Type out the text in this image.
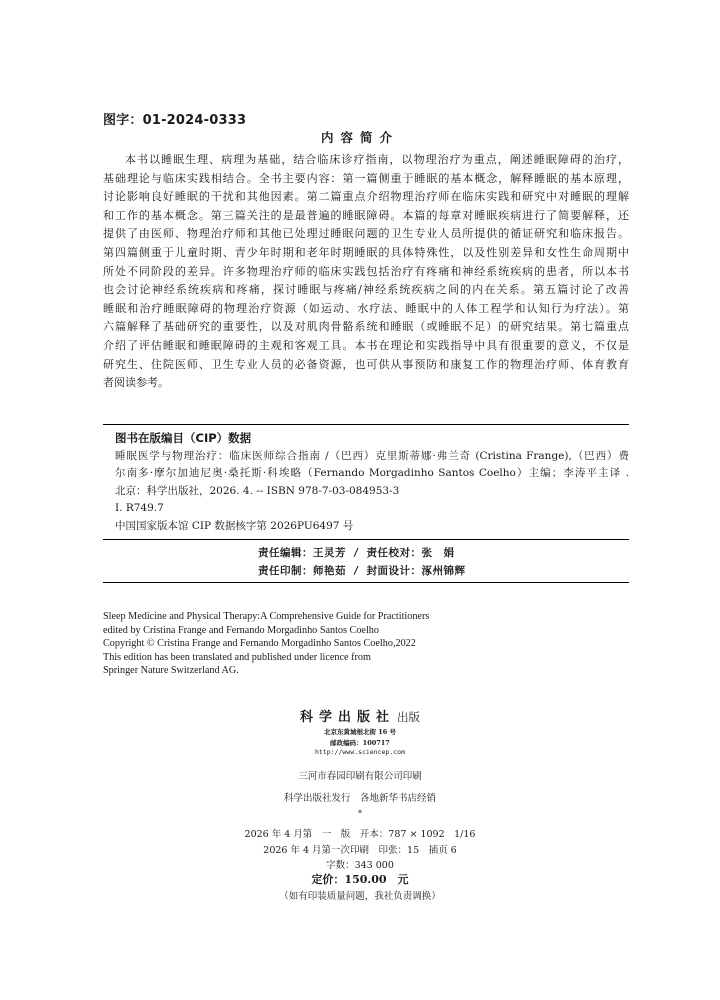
图字：01-2024-0333
内容简介
本书以睡眠生理、病理为基础，结合临床诊疗指南，以物理治疗为重点，阐述睡眠障碍的治疗，
基础理论与临床实践相结合。全书主要内容：第一篇侧重于睡眠的基本概念，解释睡眠的基本原理，
讨论影响良好睡眠的干扰和其他因素。第二篇重点介绍物理治疗师在临床实践和研究中对睡眠的理解
和工作的基本概念。第三篇关注的是最普遍的睡眠障碍。本篇的每章对睡眠疾病进行了简要解释，还
提供了由医师、物理治疗师和其他已处理过睡眠问题的卫生专业人员所提供的循证研究和临床报告。
第四篇侧重于儿童时期、青少年时期和老年时期睡眠的具体特殊性，以及性别差异和女性生命周期中
所处不同阶段的差异。许多物理治疗师的临床实践包括治疗有疼痛和神经系统疾病的患者，所以本书
也会讨论神经系统疾病和疼痛，探讨睡眠与疼痛/神经系统疾病之间的内在关系。第五篇讨论了改善
睡眠和治疗睡眠障碍的物理治疗资源（如运动、水疗法、睡眠中的人体工程学和认知行为疗法）。第
六篇解释了基础研究的重要性，以及对肌肉骨骼系统和睡眠（或睡眠不足）的研究结果。第七篇重点
介绍了评估睡眠和睡眠障碍的主观和客观工具。本书在理论和实践指导中具有很重要的意义，不仅是
研究生、住院医师、卫生专业人员的必备资源，也可供从事预防和康复工作的物理治疗师、体育教育
者阅读参考。
图书在版编目（CIP）数据
睡眠医学与物理治疗：临床医师综合指南 /（巴西）克里斯蒂娜·弗兰奇 (Cristina Frange),（巴西）费
尔南多·摩尔加迪尼奥·桑托斯·科埃略（Fernando Morgadinho Santos Coelho）主编；李涛平主译 .
北京：科学出版社，2026. 4. -- ISBN 978-7-03-084953-3
Ⅰ. R749.7
中国国家版本馆 CIP 数据核字第 2026PU6497 号
责任编辑：王灵芳 / 责任校对：张　娟
责任印制：师艳茹 / 封面设计：涿州锦辉
Sleep Medicine and Physical Therapy:A Comprehensive Guide for Practitioners
edited by Cristina Frange and Fernando Morgadinho Santos Coelho
Copyright © Cristina Frange and Fernando Morgadinho Santos Coelho,2022
This edition has been translated and published under licence from
Springer Nature Switzerland AG.
科学出版社 出版
北京东黄城根北街 16 号
邮政编码：100717
http://www.sciencep.com
三河市春园印刷有限公司印刷
科学出版社发行　各地新华书店经销
*
2026 年 4 月第　一　版　开本：787 × 1092　1/16
2026 年 4 月第一次印刷　印张：15　插页 6
字数：343 000
定价：150.00　元
（如有印装质量问题，我社负责调换）
